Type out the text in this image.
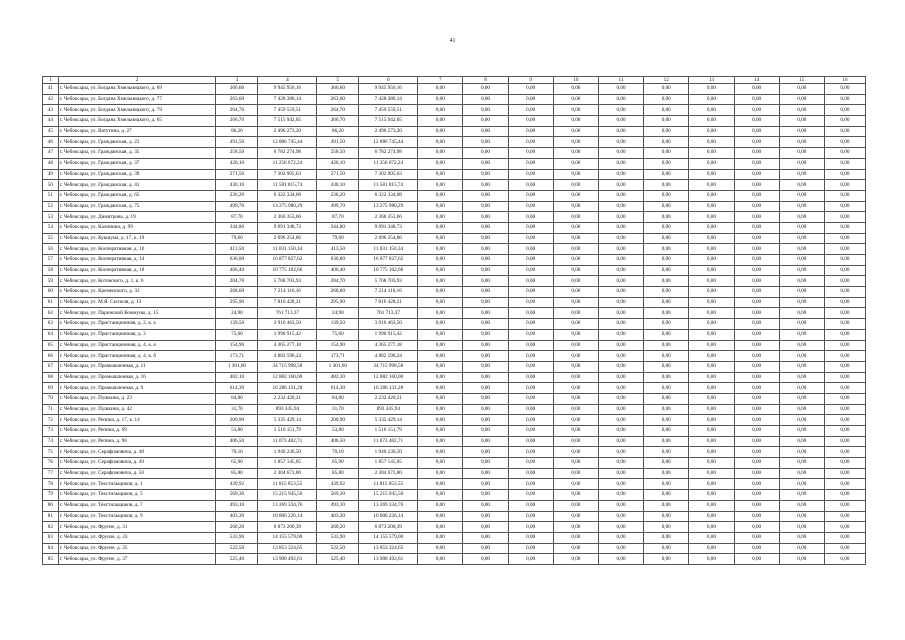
41
1	2	3	4	5	6	7	8	9	10	11	12	13	14	15	16
41	г. Чебоксары, ул. Богдана Хмельницкого, д. 69	366,60	9 945 956,16	366,60	9 945 956,16	0,00	0,00	0,00	0,00	0,00	0,00	0,00	0,00	0,00	0,00
42	г. Чебоксары, ул. Богдана Хмельницкого, д. 77	263,60	7 428 380,14	263,60	7 428 380,14	0,00	0,00	0,00	0,00	0,00	0,00	0,00	0,00	0,00	0,00
43	г. Чебоксары, ул. Богдана Хмельницкого, д. 79	264,70	7 459 559,51	264,70	7 459 559,51	0,00	0,00	0,00	0,00	0,00	0,00	0,00	0,00	0,00	0,00
44	г. Чебоксары, ул. Богдана Хмельницкого, д. 65	266,70	7 515 942,05	266,70	7 515 942,05	0,00	0,00	0,00	0,00	0,00	0,00	0,00	0,00	0,00	0,00
45	г. Чебоксары, ул. Ватутина, д. 27	86,20	2 496 273,20	86,20	2 496 273,20	0,00	0,00	0,00	0,00	0,00	0,00	0,00	0,00	0,00	0,00
46	г. Чебоксары, ул. Гражданская, д. 23	491,50	12 886 745,44	491,50	12 886 745,44	0,00	0,00	0,00	0,00	0,00	0,00	0,00	0,00	0,00	0,00
47	г. Чебоксары, ул. Гражданская, д. 35	258,50	6 782 274,98	258,50	6 782 274,98	0,00	0,00	0,00	0,00	0,00	0,00	0,00	0,00	0,00	0,00
48	г. Чебоксары, ул. Гражданская, д. 37	420,10	11 256 672,24	420,10	11 256 672,24	0,00	0,00	0,00	0,00	0,00	0,00	0,00	0,00	0,00	0,00
49	г. Чебоксары, ул. Гражданская, д. 39	271,50	7 302 905,63	271,50	7 302 905,63	0,00	0,00	0,00	0,00	0,00	0,00	0,00	0,00	0,00	0,00
50	г. Чебоксары, ул. Гражданская, д. 41	430,10	11 581 815,74	430,10	11 581 815,74	0,00	0,00	0,00	0,00	0,00	0,00	0,00	0,00	0,00	0,00
51	г. Чебоксары, ул. Гражданская, д. 65	236,20	6 322 334,08	236,20	6 322 334,08	0,00	0,00	0,00	0,00	0,00	0,00	0,00	0,00	0,00	0,00
52	г. Чебоксары, ул. Гражданская, д. 75	499,70	13 275 980,29	499,70	13 275 980,29	0,00	0,00	0,00	0,00	0,00	0,00	0,00	0,00	0,00	0,00
53	г. Чебоксары, ул. Димитрова, д. 19	87,70	2 360 353,66	87,70	2 360 353,66	0,00	0,00	0,00	0,00	0,00	0,00	0,00	0,00	0,00	0,00
54	г. Чебоксары, ул. Калинина, д. 99	344,80	9 091 348,73	344,80	9 091 348,73	0,00	0,00	0,00	0,00	0,00	0,00	0,00	0,00	0,00	0,00
55	г. Чебоксары, ул. Кукшума, д. 17, к. 19	79,60	2 096 254,86	79,60	2 096 254,86	0,00	0,00	0,00	0,00	0,00	0,00	0,00	0,00	0,00	0,00
56	г. Чебоксары, ул. Кооперативная, д. 10	413,50	11 031 150,34	413,50	11 031 150,34	0,00	0,00	0,00	0,00	0,00	0,00	0,00	0,00	0,00	0,00
57	г. Чебоксары, ул. Кооперативная, д. 14	636,00	16 877 827,62	636,00	16 877 827,62	0,00	0,00	0,00	0,00	0,00	0,00	0,00	0,00	0,00	0,00
58	г. Чебоксары, ул. Кооперативная, д. 18	406,40	10 775 102,66	406,40	10 775 102,66	0,00	0,00	0,00	0,00	0,00	0,00	0,00	0,00	0,00	0,00
59	г. Чебоксары, ул. Котовского, д. 1, к. 6	204,70	5 768 703,93	204,70	5 768 703,93	0,00	0,00	0,00	0,00	0,00	0,00	0,00	0,00	0,00	0,00
60	г. Чебоксары, ул. Кременского, д. 32	268,60	7 214 116,16	268,60	7 214 116,16	0,00	0,00	0,00	0,00	0,00	0,00	0,00	0,00	0,00	0,00
61	г. Чебоксары, ул. М.Я. Сеспеля, д. 13	295,90	7 816 428,21	295,90	7 816 428,21	0,00	0,00	0,00	0,00	0,00	0,00	0,00	0,00	0,00	0,00
62	г. Чебоксары, ул. Парижской Коммуны, д. 15	24,90	761 713,37	24,90	761 713,37	0,00	0,00	0,00	0,00	0,00	0,00	0,00	0,00	0,00	0,00
63	г. Чебоксары, ул. Пристанционная, д. 2, к. а	139,50	3 916 463,50	139,50	3 916 463,50	0,00	0,00	0,00	0,00	0,00	0,00	0,00	0,00	0,00	0,00
64	г. Чебоксары, ул. Пристанционная, д. 3	75,60	1 990 915,42	75,60	1 990 915,42	0,00	0,00	0,00	0,00	0,00	0,00	0,00	0,00	0,00	0,00
65	г. Чебоксары, ул. Пристанционная, д. 4, к. а	154,90	4 365 277,18	154,90	4 365 277,18	0,00	0,00	0,00	0,00	0,00	0,00	0,00	0,00	0,00	0,00
66	г. Чебоксары, ул. Пристанционная, д. 4, к. б	173,71	4 882 596,24	173,71	4 882 596,24	0,00	0,00	0,00	0,00	0,00	0,00	0,00	0,00	0,00	0,00
67	г. Чебоксары, ул. Промышленная, д. 11	1 301,60	34 715 998,58	1 301,60	34 715 998,58	0,00	0,00	0,00	0,00	0,00	0,00	0,00	0,00	0,00	0,00
68	г. Чебоксары, ул. Промышленная, д. 16	482,10	12 882 160,00	482,10	12 882 160,00	0,00	0,00	0,00	0,00	0,00	0,00	0,00	0,00	0,00	0,00
69	г. Чебоксары, ул. Промышленная, д. 9	614,30	16 286 131,28	614,30	16 286 131,28	0,00	0,00	0,00	0,00	0,00	0,00	0,00	0,00	0,00	0,00
70	г. Чебоксары, ул. Пушкина, д. 23	84,80	2 232 420,21	84,80	2 232 420,21	0,00	0,00	0,00	0,00	0,00	0,00	0,00	0,00	0,00	0,00
71	г. Чебоксары, ул. Пушкина, д. 42	31,70	893 345,94	31,70	893 345,94	0,00	0,00	0,00	0,00	0,00	0,00	0,00	0,00	0,00	0,00
72	г. Чебоксары, ул. Репина, д. 17, к. 14	200,90	5 335 429,14	200,90	5 335 429,14	0,00	0,00	0,00	0,00	0,00	0,00	0,00	0,00	0,00	0,00
73	г. Чебоксары, ул. Репина, д. 69	53,80	1 516 151,79	53,80	1 516 151,79	0,00	0,00	0,00	0,00	0,00	0,00	0,00	0,00	0,00	0,00
74	г. Чебоксары, ул. Репина, д. 98	406,50	11 073 482,71	406,50	11 073 482,71	0,00	0,00	0,00	0,00	0,00	0,00	0,00	0,00	0,00	0,00
75	г. Чебоксары, ул. Серафимовича, д. 48	70,10	1 940 236,50	70,10	1 940 236,50	0,00	0,00	0,00	0,00	0,00	0,00	0,00	0,00	0,00	0,00
76	г. Чебоксары, ул. Серафимовича, д. 49	65,90	1 857 145,05	65,90	1 857 145,05	0,00	0,00	0,00	0,00	0,00	0,00	0,00	0,00	0,00	0,00
77	г. Чебоксары, ул. Серафимовича, д. 50	85,80	2 304 673,80	85,80	2 304 673,80	0,00	0,00	0,00	0,00	0,00	0,00	0,00	0,00	0,00	0,00
78	г. Чебоксары, ул. Текстильщиков, д. 1	439,92	11 815 853,55	439,92	11 815 853,55	0,00	0,00	0,00	0,00	0,00	0,00	0,00	0,00	0,00	0,00
79	г. Чебоксары, ул. Текстильщиков, д. 5	569,30	15 215 945,50	569,30	15 215 945,50	0,00	0,00	0,00	0,00	0,00	0,00	0,00	0,00	0,00	0,00
80	г. Чебоксары, ул. Текстильщиков, д. 7	493,10	13 269 334,76	493,10	13 269 334,76	0,00	0,00	0,00	0,00	0,00	0,00	0,00	0,00	0,00	0,00
81	г. Чебоксары, ул. Текстильщиков, д. 9	403,30	10 806 226,14	403,30	10 806 226,14	0,00	0,00	0,00	0,00	0,00	0,00	0,00	0,00	0,00	0,00
82	г. Чебоксары, ул. Фрунзе, д. 31	260,20	6 873 200,39	260,20	6 873 200,39	0,00	0,00	0,00	0,00	0,00	0,00	0,00	0,00	0,00	0,00
83	г. Чебоксары, ул. Фрунзе, д. 33	533,90	14 155 579,00	533,90	14 155 579,00	0,00	0,00	0,00	0,00	0,00	0,00	0,00	0,00	0,00	0,00
84	г. Чебоксары, ул. Фрунзе, д. 35	522,50	13 853 324,65	522,50	13 853 324,65	0,00	0,00	0,00	0,00	0,00	0,00	0,00	0,00	0,00	0,00
85	г. Чебоксары, ул. Фрунзе, д. 37	525,40	13 908 492,61	525,40	13 908 492,61	0,00	0,00	0,00	0,00	0,00	0,00	0,00	0,00	0,00	0,00
